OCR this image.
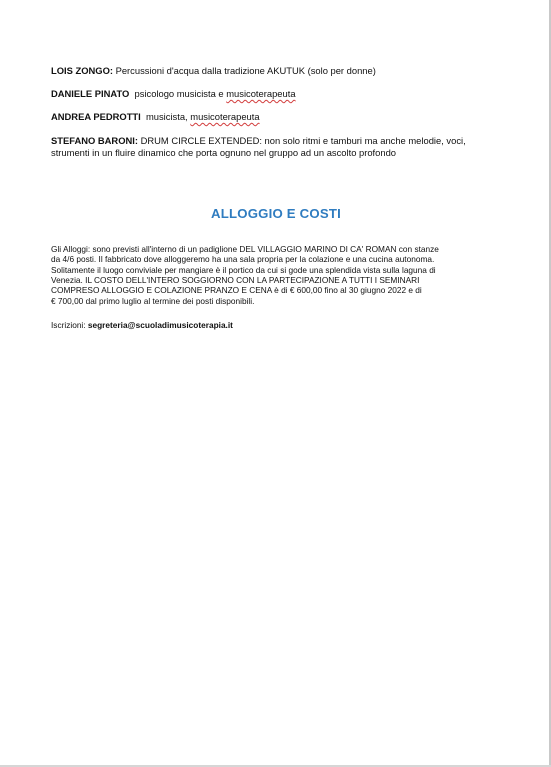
LOIS ZONGO: Percussioni d'acqua dalla tradizione AKUTUK (solo per donne)
DANIELE PINATO  psicologo musicista e musicoterapeuta
ANDREA PEDROTTI  musicista, musicoterapeuta
STEFANO BARONI: DRUM CIRCLE EXTENDED: non solo ritmi e tamburi ma anche melodie, voci, strumenti in un fluire dinamico che porta ognuno nel gruppo ad un ascolto profondo
ALLOGGIO E COSTI
Gli Alloggi: sono previsti all'interno di un padiglione DEL VILLAGGIO MARINO DI CA' ROMAN con stanze
da 4/6 posti. Il fabbricato dove alloggeremo ha una sala propria per la colazione e una cucina autonoma.
Solitamente il luogo conviviale per mangiare è il portico da cui si gode una splendida vista sulla laguna di
Venezia. IL COSTO DELL'INTERO SOGGIORNO CON LA PARTECIPAZIONE A TUTTI I SEMINARI
COMPRESO ALLOGGIO E COLAZIONE PRANZO E CENA è di € 600,00 fino al 30 giugno 2022 e di
€ 700,00 dal primo luglio al termine dei posti disponibili.
Iscrizioni: segreteria@scuoladimusicoterapia.it
